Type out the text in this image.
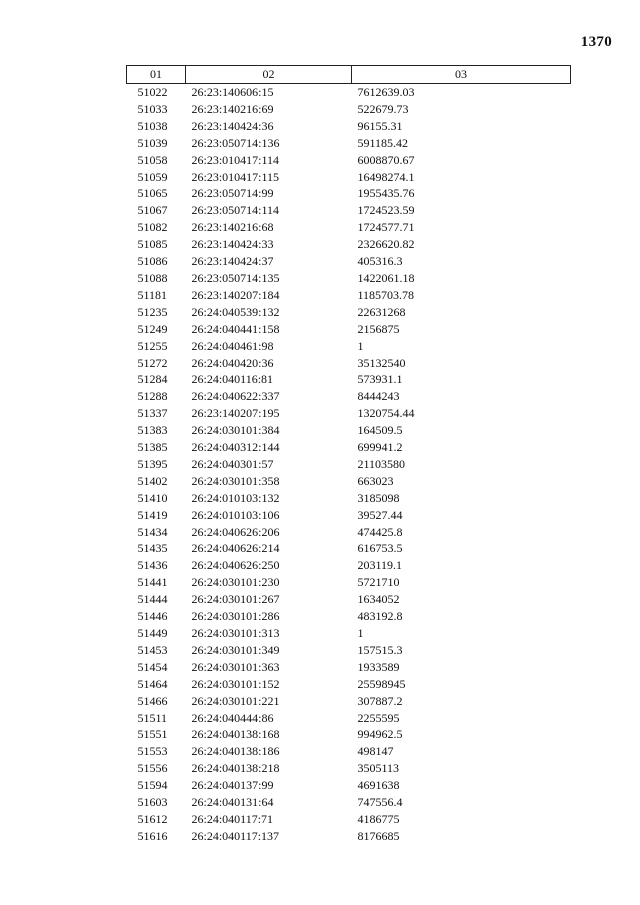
1370
01	02	03
51022	26:23:140606:15	7612639.03
51033	26:23:140216:69	522679.73
51038	26:23:140424:36	96155.31
51039	26:23:050714:136	591185.42
51058	26:23:010417:114	6008870.67
51059	26:23:010417:115	16498274.1
51065	26:23:050714:99	1955435.76
51067	26:23:050714:114	1724523.59
51082	26:23:140216:68	1724577.71
51085	26:23:140424:33	2326620.82
51086	26:23:140424:37	405316.3
51088	26:23:050714:135	1422061.18
51181	26:23:140207:184	1185703.78
51235	26:24:040539:132	22631268
51249	26:24:040441:158	2156875
51255	26:24:040461:98	1
51272	26:24:040420:36	35132540
51284	26:24:040116:81	573931.1
51288	26:24:040622:337	8444243
51337	26:23:140207:195	1320754.44
51383	26:24:030101:384	164509.5
51385	26:24:040312:144	699941.2
51395	26:24:040301:57	21103580
51402	26:24:030101:358	663023
51410	26:24:010103:132	3185098
51419	26:24:010103:106	39527.44
51434	26:24:040626:206	474425.8
51435	26:24:040626:214	616753.5
51436	26:24:040626:250	203119.1
51441	26:24:030101:230	5721710
51444	26:24:030101:267	1634052
51446	26:24:030101:286	483192.8
51449	26:24:030101:313	1
51453	26:24:030101:349	157515.3
51454	26:24:030101:363	1933589
51464	26:24:030101:152	25598945
51466	26:24:030101:221	307887.2
51511	26:24:040444:86	2255595
51551	26:24:040138:168	994962.5
51553	26:24:040138:186	498147
51556	26:24:040138:218	3505113
51594	26:24:040137:99	4691638
51603	26:24:040131:64	747556.4
51612	26:24:040117:71	4186775
51616	26:24:040117:137	8176685
